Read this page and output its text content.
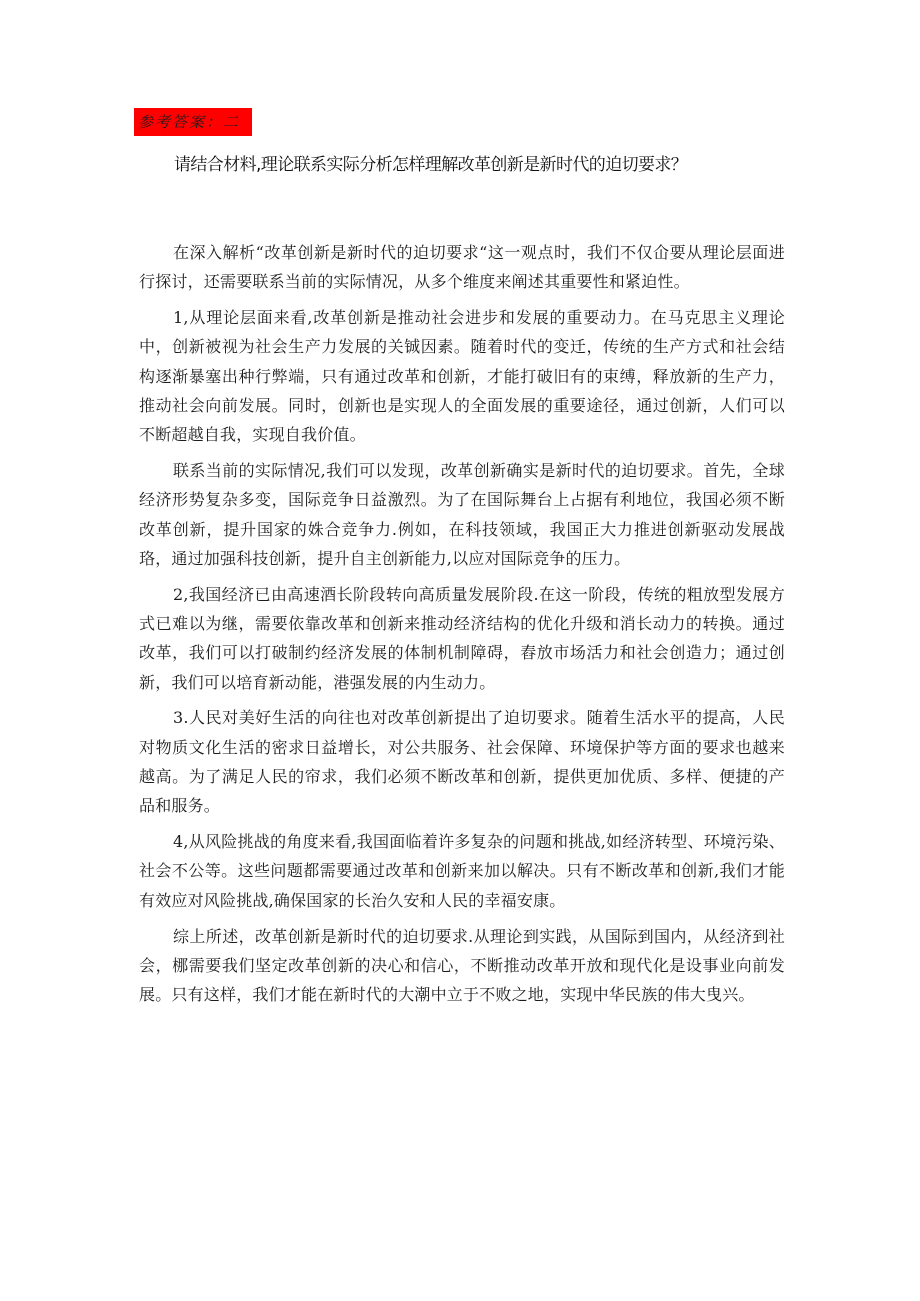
参考答案：二
请结合材料,理论联系实际分析怎样理解改革创新是新时代的迫切要求？

在深入解析“改革创新是新时代的迫切要求“这一观点时，我们不仅仚要从理论层面进行探讨，还需要联系当前的实际情况，从多个维度来阐述其重要性和紧迫性。

1,从理论层面来看,改革创新是推动社会进步和发展的重要动力。在马克思主义理论中，创新被视为社会生产力发展的关铖因素。随着时代的变迁，传统的生产方式和社会结构逐渐暴塞出种行弊端，只有通过改革和创新，才能打破旧有的束缚，释放新的生产力，推动社会向前发展。同时，创新也是实现人的全面发展的重要途径，通过创新，人们可以不断超越自我，实现自我价值。

联系当前的实际情况,我们可以发现，改革创新确实是新时代的迫切要求。首先，全球经济形势复杂多变，国际竞争日益激烈。为了在国际舞台上占据有利地位，我国必须不断改革创新，提升国家的姝合竞争力.例如，在科技领域，我国正大力推进创新驱动发展战珞，通过加强科技创新，提升自主创新能力,以应对国际竞争的压力。

2,我国经济已由高速酒长阶段转向高质量发展阶段.在这一阶段，传统的粗放型发展方式已难以为继，需要依靠改革和创新来推动经济结构的优化升级和消长动力的转换。通过改革，我们可以打破制约经济发展的体制机制障碍，舂放市场活力和社会创造力；通过创新，我们可以培育新动能，港强发展的内生动力。

3.人民对美好生活的向往也对改革创新提出了迫切要求。随着生活水平的提高，人民对物质文化生活的密求日益增长，对公共服务、社会保障、环境保护等方面的要求也越来越高。为了满足人民的帘求，我们必须不断改革和创新，提供更加优质、多样、便捷的产品和服务。

4,从风险挑战的角度来看,我国面临着许多复杂的问题和挑战,如经济转型、环境污染、社会不公等。这些问题都需要通过改革和创新来加以解决。只有不断改革和创新,我们才能有效应对风险挑战,确保国家的长治久安和人民的幸福安康。

综上所述，改革创新是新时代的迫切要求.从理论到实践，从国际到国内，从经济到社会，梛需要我们坚定改革创新的决心和信心，不断推动改革开放和现代化是设事业向前发展。只有这样，我们才能在新时代的大潮中立于不败之地，实现中华民族的伟大曳兴。
